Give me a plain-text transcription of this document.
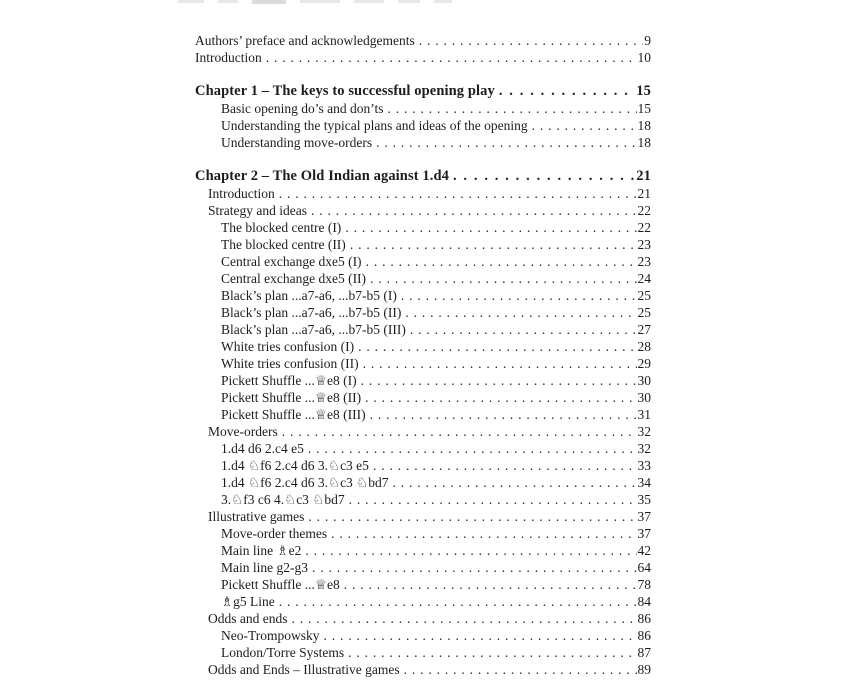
Authors’ preface and acknowledgements . . .	9
Introduction . . .	10
Chapter 1 – The keys to successful opening play . . .	15
Basic opening do’s and don’ts . . .	15
Understanding the typical plans and ideas of the opening . . .	18
Understanding move-orders . . .	18
Chapter 2 – The Old Indian against 1.d4 . . .	21
Introduction . . .	21
Strategy and ideas . . .	22
The blocked centre (I) . . .	22
The blocked centre (II) . . .	23
Central exchange dxe5 (I) . . .	23
Central exchange dxe5 (II) . . .	24
Black’s plan ...a7-a6, ...b7-b5 (I) . . .	25
Black’s plan ...a7-a6, ...b7-b5 (II) . . .	25
Black’s plan ...a7-a6, ...b7-b5 (III) . . .	27
White tries confusion (I) . . .	28
White tries confusion (II) . . .	29
Pickett Shuffle ...♕e8 (I) . . .	30
Pickett Shuffle ...♕e8 (II) . . .	30
Pickett Shuffle ...♕e8 (III) . . .	31
Move-orders . . .	32
1.d4 d6 2.c4 e5 . . .	32
1.d4 ♘f6 2.c4 d6 3.♘c3 e5 . . .	33
1.d4 ♘f6 2.c4 d6 3.♘c3 ♘bd7 . . .	34
3.♘f3 c6 4.♘c3 ♘bd7 . . .	35
Illustrative games . . .	37
Move-order themes . . .	37
Main line ♗e2 . . .	42
Main line g2-g3 . . .	64
Pickett Shuffle ...♕e8 . . .	78
♗g5 Line . . .	84
Odds and ends . . .	86
Neo-Trompowsky . . .	86
London/Torre Systems . . .	87
Odds and Ends – Illustrative games . . .	89
